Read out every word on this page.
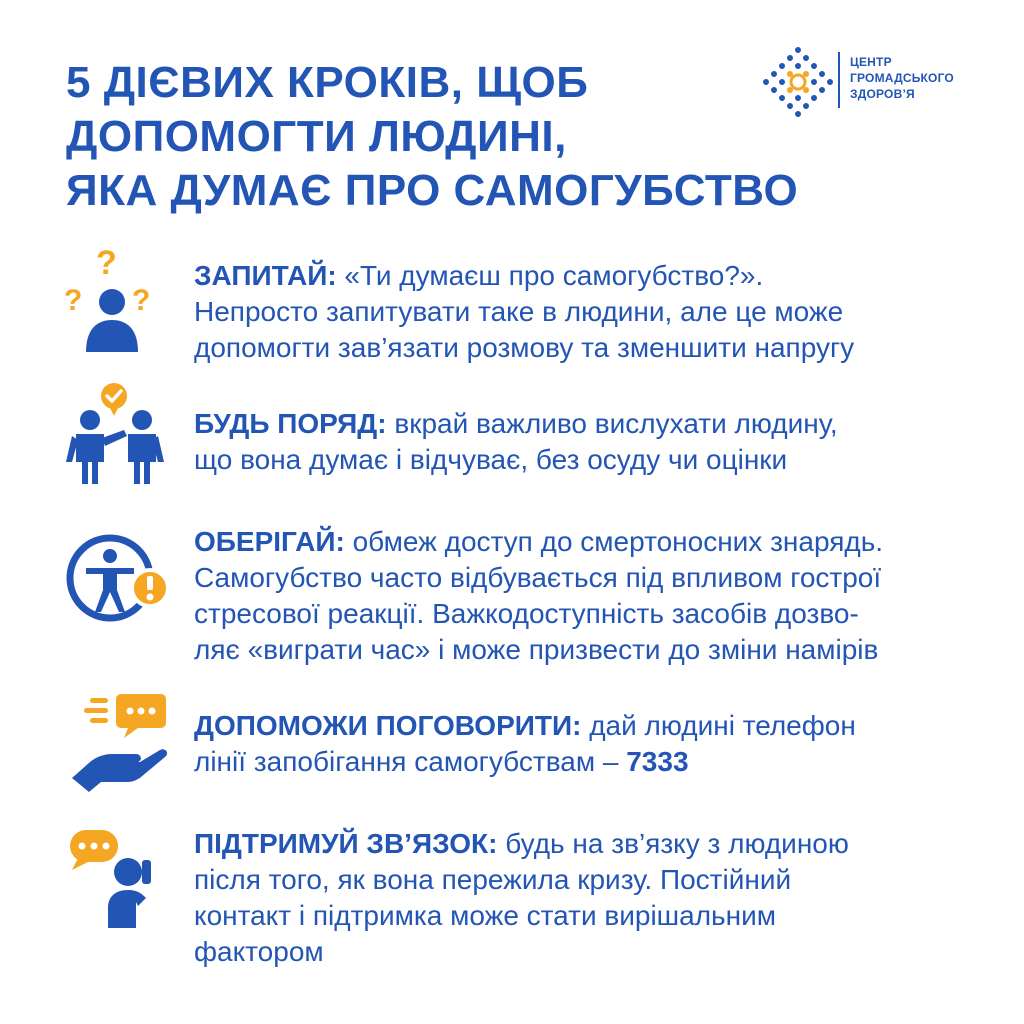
5 ДІЄВИХ КРОКІВ, ЩОБ
ДОПОМОГТИ ЛЮДИНІ,
ЯКА ДУМАЄ ПРО САМОГУБСТВО
ЦЕНТР
ГРОМАДСЬКОГО
ЗДОРОВ’Я
?
? ?

ЗАПИТАЙ: «Ти думаєш про самогубство?».
Непросто запитувати таке в людини, але це може
допомогти зав’язати розмову та зменшити напругу

БУДЬ ПОРЯД: вкрай важливо вислухати людину,
що вона думає і відчуває, без осуду чи оцінки

ОБЕРІГАЙ: обмеж доступ до смертоносних знарядь.
Самогубство часто відбувається під впливом гострої
стресової реакції. Важкодоступність засобів дозво-
ляє «виграти час» і може призвести до зміни намірів

ДОПОМОЖИ ПОГОВОРИТИ: дай людині телефон
лінії запобігання самогубствам – 7333

ПІДТРИМУЙ ЗВ’ЯЗОК: будь на зв’язку з людиною
після того, як вона пережила кризу. Постійний
контакт і підтримка може стати вирішальним
фактором
